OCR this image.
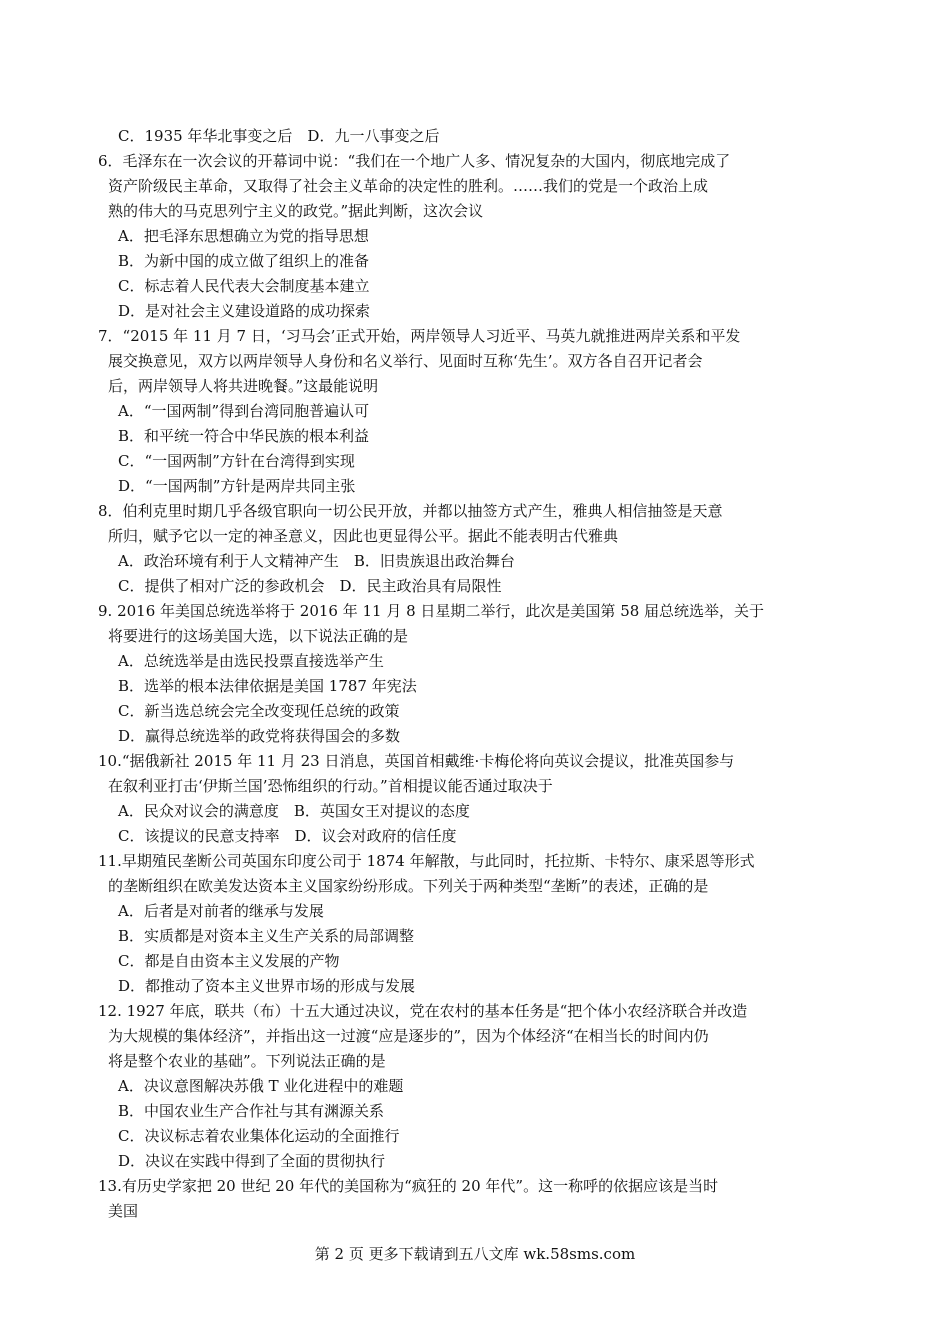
C．1935 年华北事变之后　D．九一八事变之后
6．毛泽东在一次会议的开幕词中说：“我们在一个地广人多、情况复杂的大国内，彻底地完成了
资产阶级民主革命，又取得了社会主义革命的决定性的胜利。……我们的党是一个政治上成
熟的伟大的马克思列宁主义的政党。”据此判断，这次会议
A．把毛泽东思想确立为党的指导思想
B．为新中国的成立做了组织上的准备
C．标志着人民代表大会制度基本建立
D．是对社会主义建设道路的成功探索
7．“2015 年 11 月 7 日，‘习马会’正式开始，两岸领导人习近平、马英九就推进两岸关系和平发
展交换意见，双方以两岸领导人身份和名义举行、见面时互称‘先生’。双方各自召开记者会
后，两岸领导人将共进晚餐。”这最能说明
A．“一国两制”得到台湾同胞普遍认可
B．和平统一符合中华民族的根本利益
C．“一国两制”方针在台湾得到实现
D．“一国两制”方针是两岸共同主张
8．伯利克里时期几乎各级官职向一切公民开放，并都以抽签方式产生，雅典人相信抽签是天意
所归，赋予它以一定的神圣意义，因此也更显得公平。据此不能表明古代雅典
A．政治环境有利于人文精神产生　B．旧贵族退出政治舞台
C．提供了相对广泛的参政机会　D．民主政治具有局限性
9. 2016 年美国总统选举将于 2016 年 11 月 8 日星期二举行，此次是美国第 58 届总统选举，关于
将要进行的这场美国大选，以下说法正确的是
A．总统选举是由选民投票直接选举产生
B．选举的根本法律依据是美国 1787 年宪法
C．新当选总统会完全改变现任总统的政策
D．赢得总统选举的政党将获得国会的多数
10.“据俄新社 2015 年 11 月 23 日消息，英国首相戴维·卡梅伦将向英议会提议，批准英国参与
在叙利亚打击‘伊斯兰国’恐怖组织的行动。”首相提议能否通过取决于
A．民众对议会的满意度　B．英国女王对提议的态度
C．该提议的民意支持率　D．议会对政府的信任度
11.早期殖民垄断公司英国东印度公司于 1874 年解散，与此同时，托拉斯、卡特尔、康采恩等形式
的垄断组织在欧美发达资本主义国家纷纷形成。下列关于两种类型“垄断”的表述，正确的是
A．后者是对前者的继承与发展
B．实质都是对资本主义生产关系的局部调整
C．都是自由资本主义发展的产物
D．都推动了资本主义世界市场的形成与发展
12. 1927 年底，联共（布）十五大通过决议，党在农村的基本任务是“把个体小农经济联合并改造
为大规模的集体经济”，并指出这一过渡“应是逐步的”，因为个体经济“在相当长的时间内仍
将是整个农业的基础”。下列说法正确的是
A．决议意图解决苏俄 T 业化进程中的难题
B．中国农业生产合作社与其有渊源关系
C．决议标志着农业集体化运动的全面推行
D．决议在实践中得到了全面的贯彻执行
13.有历史学家把 20 世纪 20 年代的美国称为“疯狂的 20 年代”。这一称呼的依据应该是当时
美国
第 2 页 更多下载请到五八文库 wk.58sms.com
